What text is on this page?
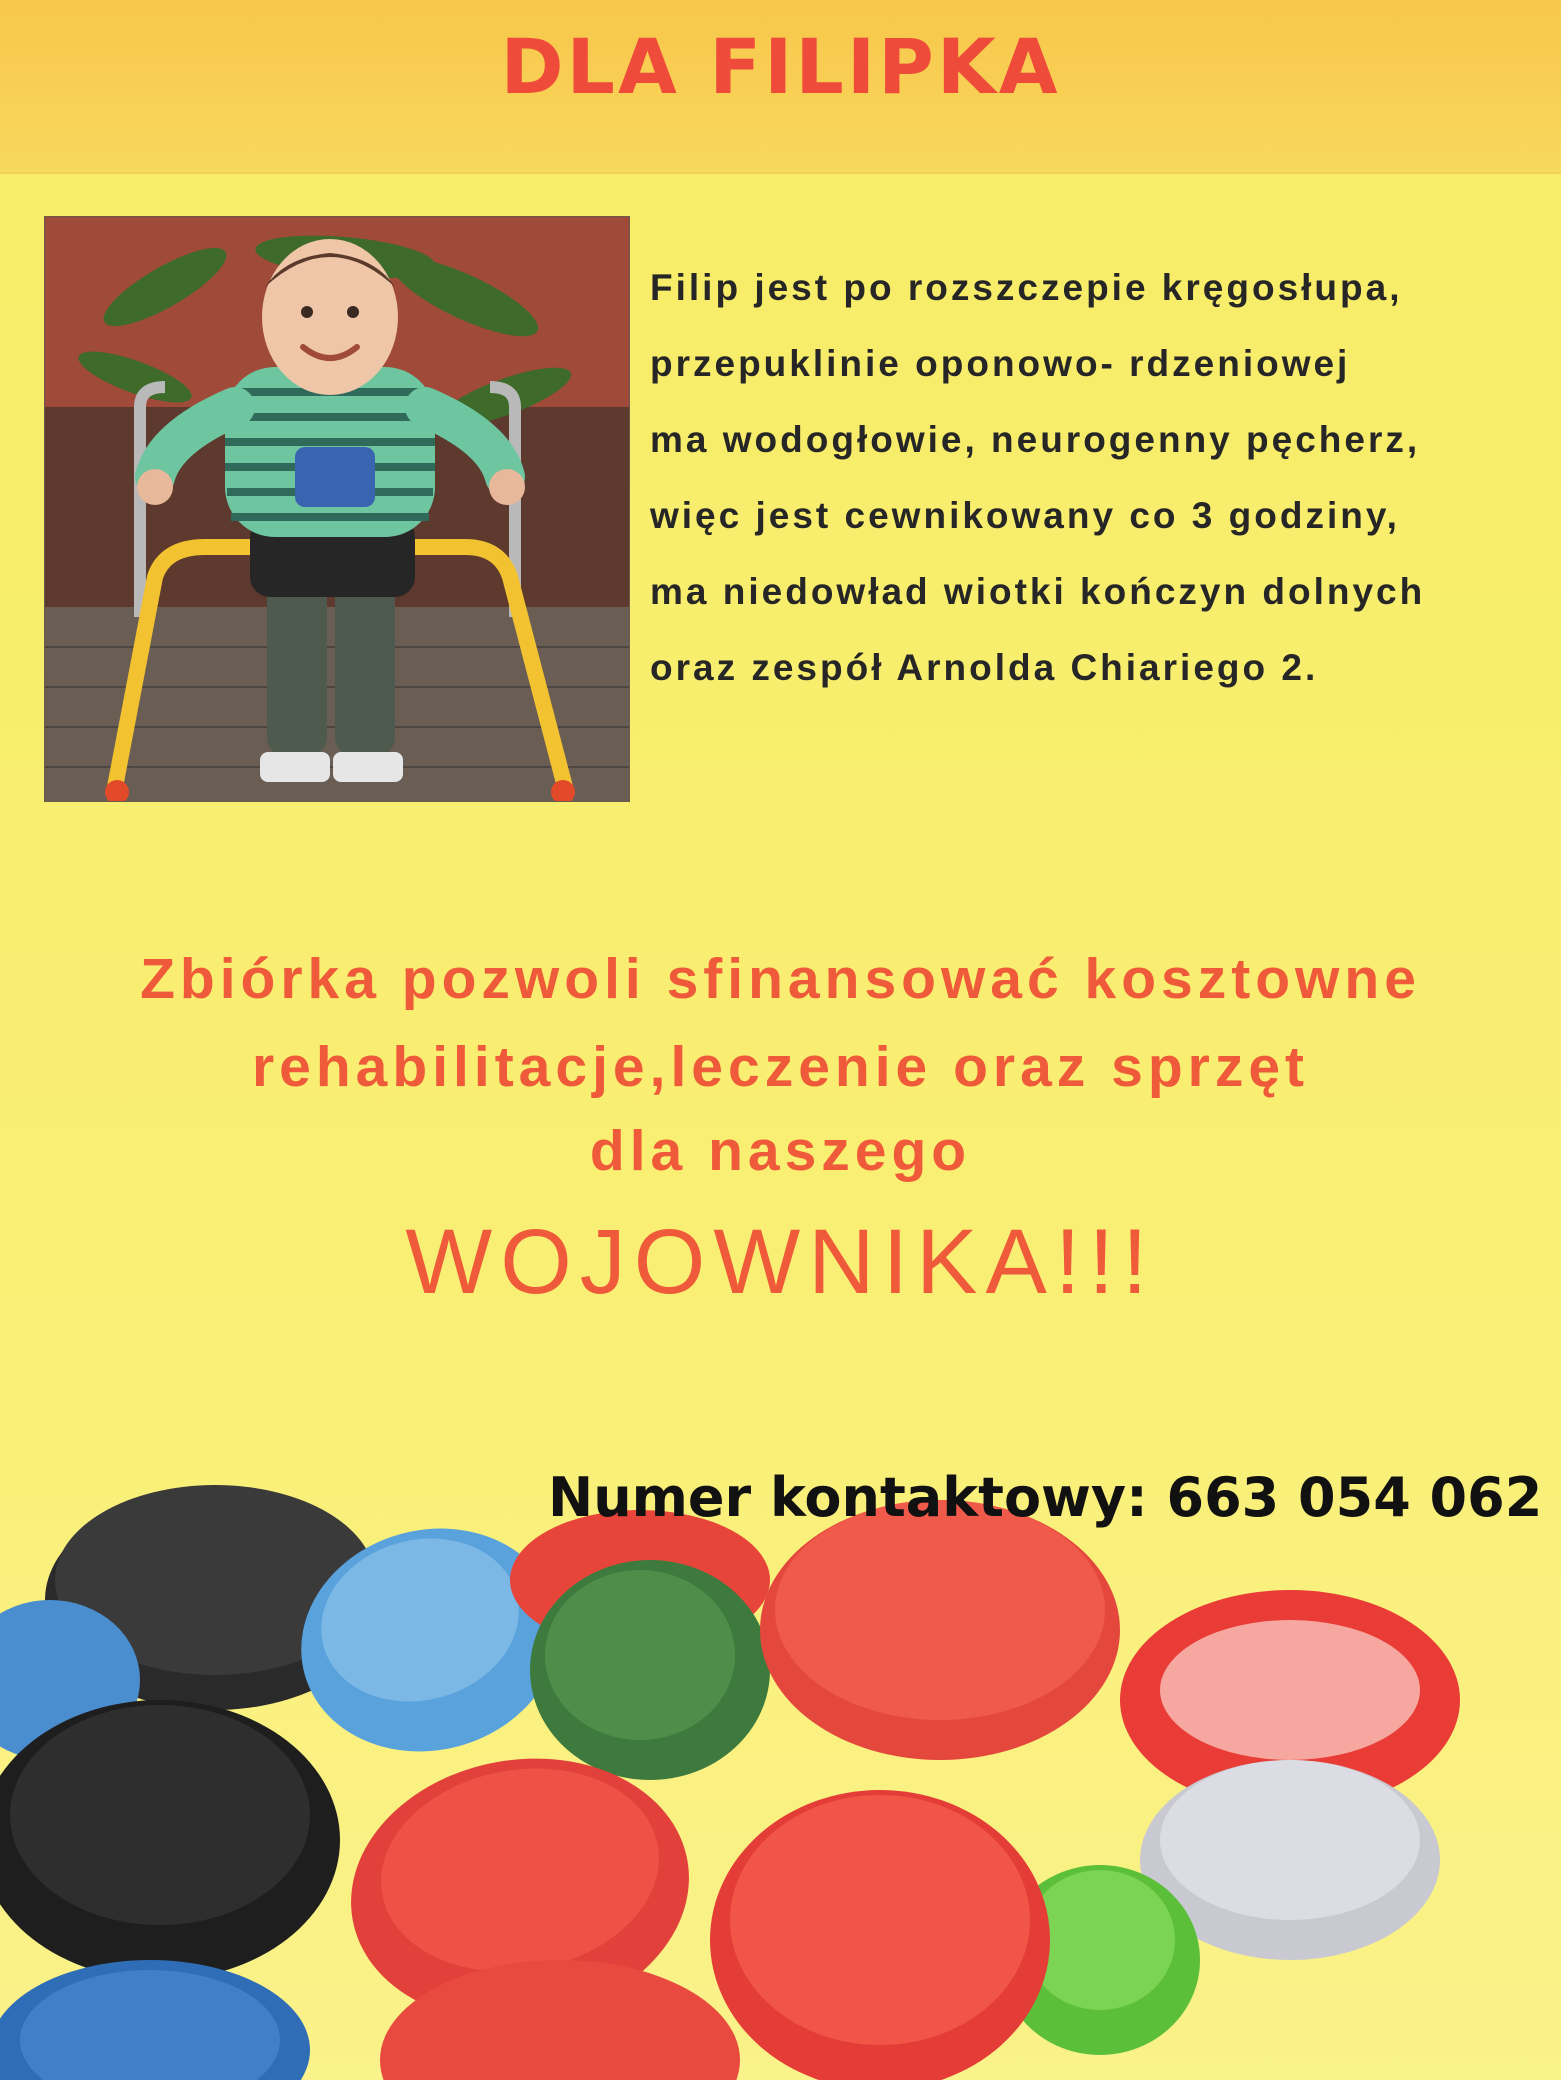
DLA FILIPKA
Filip jest po rozszczepie kręgosłupa,
przepuklinie oponowo- rdzeniowej
ma wodogłowie, neurogenny pęcherz,
więc jest cewnikowany co 3 godziny,
ma niedowład wiotki kończyn dolnych
oraz zespół Arnolda Chiariego 2.
Zbiórka pozwoli sfinansować kosztowne
rehabilitacje,leczenie oraz sprzęt
dla naszego
WOJOWNIKA!!!
Numer kontaktowy: 663 054 062
